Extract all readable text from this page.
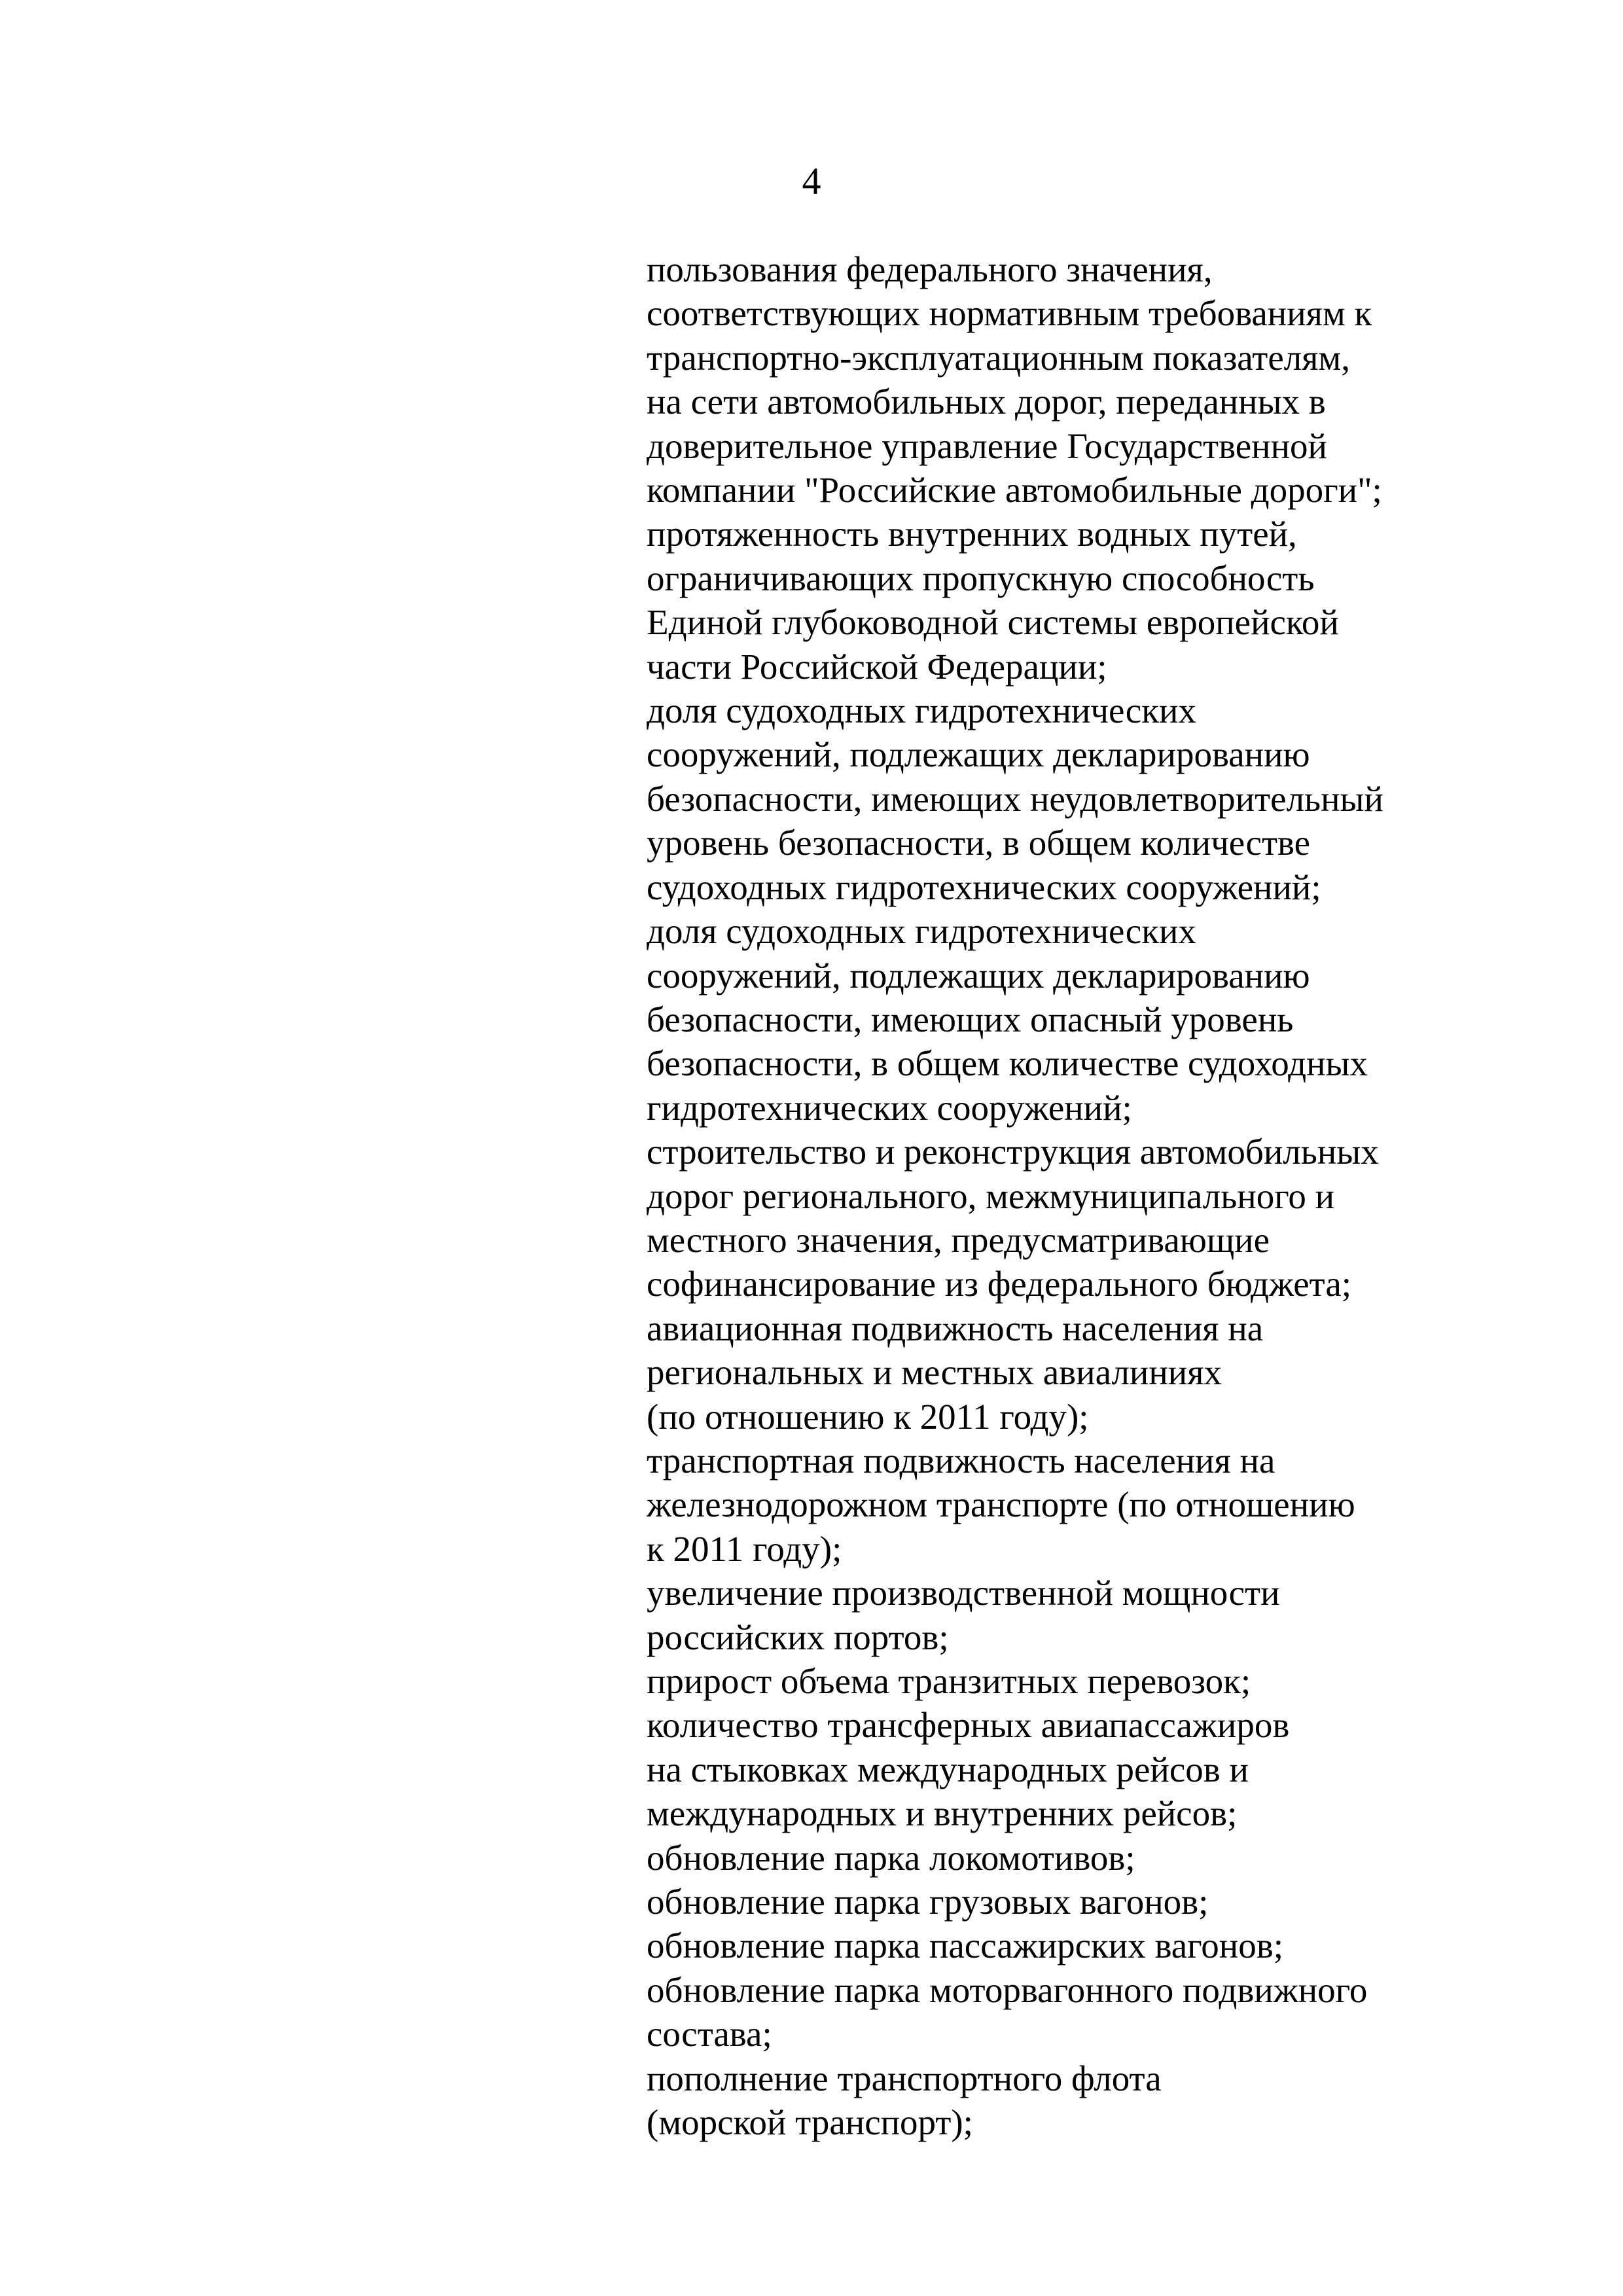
4
пользования федерального значения,
соответствующих нормативным требованиям к
транспортно-эксплуатационным показателям,
на сети автомобильных дорог, переданных в
доверительное управление Государственной
компании "Российские автомобильные дороги";
протяженность внутренних водных путей,
ограничивающих пропускную способность
Единой глубоководной системы европейской
части Российской Федерации;
доля судоходных гидротехнических
сооружений, подлежащих декларированию
безопасности, имеющих неудовлетворительный
уровень безопасности, в общем количестве
судоходных гидротехнических сооружений;
доля судоходных гидротехнических
сооружений, подлежащих декларированию
безопасности, имеющих опасный уровень
безопасности, в общем количестве судоходных
гидротехнических сооружений;
строительство и реконструкция автомобильных
дорог регионального, межмуниципального и
местного значения, предусматривающие
софинансирование из федерального бюджета;
авиационная подвижность населения на
региональных и местных авиалиниях
(по отношению к 2011 году);
транспортная подвижность населения на
железнодорожном транспорте (по отношению
к 2011 году);
увеличение производственной мощности
российских портов;
прирост объема транзитных перевозок;
количество трансферных авиапассажиров
на стыковках международных рейсов и
международных и внутренних рейсов;
обновление парка локомотивов;
обновление парка грузовых вагонов;
обновление парка пассажирских вагонов;
обновление парка моторвагонного подвижного
состава;
пополнение транспортного флота
(морской транспорт);
